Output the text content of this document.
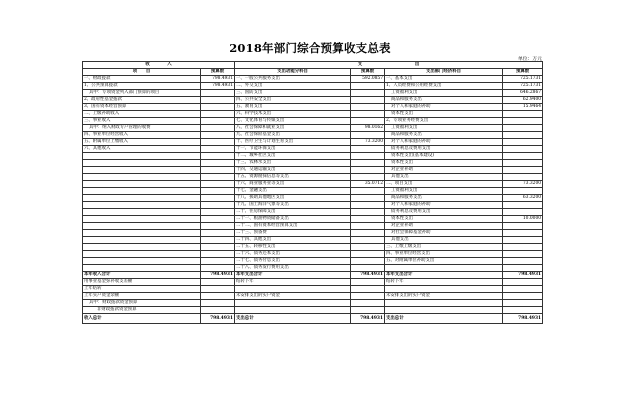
2018年部门综合预算收支总表
单位：万元
收　　　　入		支　　　　　　　　　　　　出			
项　　目	预算数	支出功能分科目	预算数	支出部门经济科目	预算数
一、财政拨款	798.4931	一、一般公共服务支出	592.0857	一、基本支出	725.1731
1、公共预算拨款	798.4931	二、外交支出		1、人员经费和公用经费支出	725.1731
其中：专项资金列入部门预算的项目		三、国防支出		工资福利支出	646.2867
2、政府性基金拨款		四、公共安全支出		商品和服务支出	62.9400
3、国有资本经营预算		五、教育支出		对个人和家庭的补助	15.9464
二、上级补助收入		六、科学技术支出		资本性支出	
三、事业收入		七、文化体育与传媒支出		2、专项业务经费支出	
其中：纳入财政专户管理的收费		八、社会保障和就业支出	98.0162	工资福利支出	
四、事业单位经营收入		九、社会保险基金支出		商品和服务支出	
五、附属单位上缴收入		十、医疗卫生与计划生育支出	73.3200	对个人和家庭的补助	
六、其他收入		十一、节能环保支出		债务利息及费用支出	
		十二、城乡社区支出		资本性支出(基本建设)	
		十三、农林水支出		资本性支出	
		十四、交通运输支出		对企业补助	
		十五、资源勘探信息等支出		其他支出	
		十六、商业服务业等支出	35.0712	二、项目支出	73.3200
		十七、金融支出		工资福利支出	
		十八、援助其他地区支出		商品和服务支出	63.3200
		十九、国土海洋气象等支出		对个人和家庭的补助	
		二十、住房保障支出		债务利息及费用支出	
		二十一、粮油物资储备支出		资本性支出	10.0000
		二十二、国有资本经营预算支出		对企业补助	
		二十三、预备费		对社会保障基金补助	
		二十四、其他支出		其他支出	
		二十五、转移性支出		三、上缴上级支出	
		二十六、债务还本支出		四、事业单位经营支出	
		二十七、债务付息支出		五、对附属单位补助支出	
		二十八、债务发行费用支出			
本年收入合计	798.4931	本年支出合计	798.4931	本年支出合计	798.4931
用事业基金弥补收支差额		结转下年		结转下年	
上年结转					
上年实户资金余额		未安排支出的实户资金		未安排支出的实户资金	
其中：财政拨款资金预算					
非财政拨款资金预算					
收入总计	798.4931	支出总计	798.4931	支出总计	798.4931
